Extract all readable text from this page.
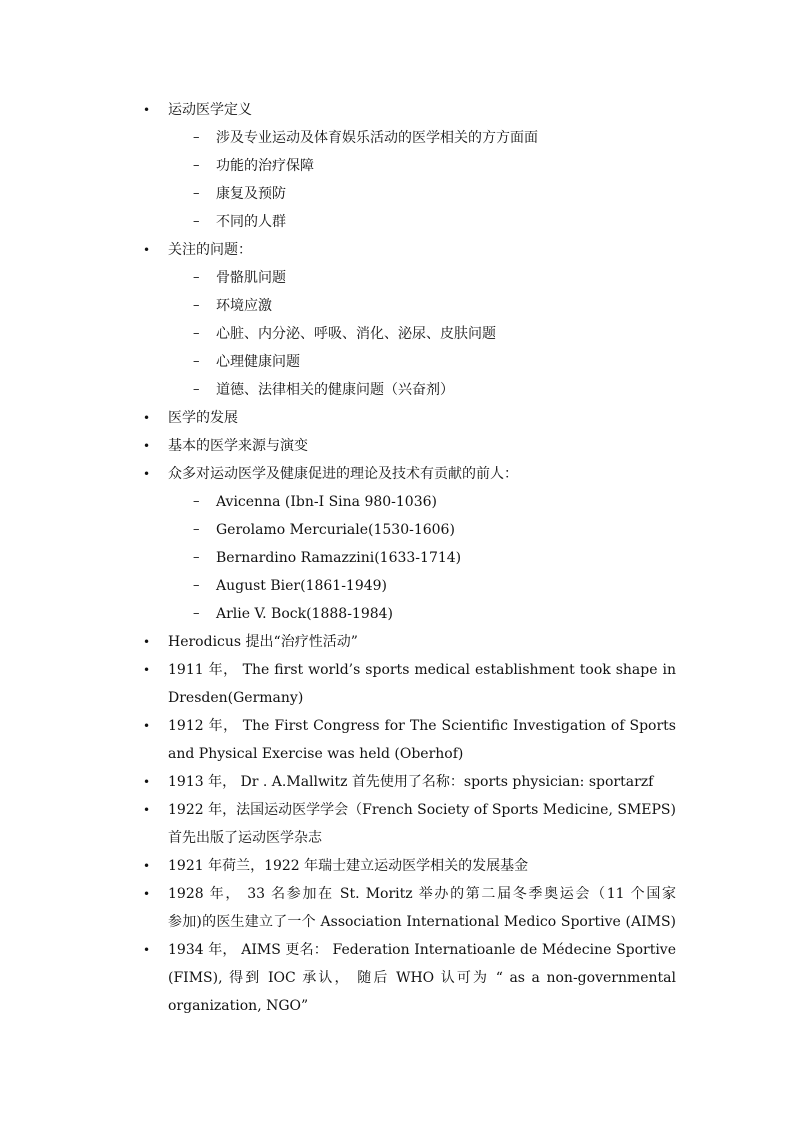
• 运动医学定义
– 涉及专业运动及体育娱乐活动的医学相关的方方面面
– 功能的治疗保障
– 康复及预防
– 不同的人群
• 关注的问题：
– 骨骼肌问题
– 环境应激
– 心脏、内分泌、呼吸、消化、泌尿、皮肤问题
– 心理健康问题
– 道德、法律相关的健康问题（兴奋剂）
• 医学的发展
• 基本的医学来源与演变
• 众多对运动医学及健康促进的理论及技术有贡献的前人：
– Avicenna (Ibn-I Sina 980-1036)
– Gerolamo Mercuriale(1530-1606)
– Bernardino Ramazzini(1633-1714)
– August Bier(1861-1949)
– Arlie V. Bock(1888-1984)
• Herodicus 提出“治疗性活动”
• 1911 年， The first world’s sports medical establishment took shape in
Dresden(Germany)
• 1912 年， The First Congress for The Scientific Investigation of Sports
and Physical Exercise was held (Oberhof)
• 1913 年， Dr . A.Mallwitz 首先使用了名称：sports physician: sportarzf
• 1922 年，法国运动医学学会（French Society of Sports Medicine, SMEPS)
首先出版了运动医学杂志
• 1921 年荷兰，1922 年瑞士建立运动医学相关的发展基金
• 1928 年， 33 名参加在 St. Moritz 举办的第二届冬季奥运会（11 个国家
参加)的医生建立了一个 Association International Medico Sportive (AIMS)
• 1934 年， AIMS 更名： Federation Internatioanle de Médecine Sportive
(FIMS), 得到 IOC 承认， 随后 WHO 认可为 “ as a non-governmental
organization, NGO”
